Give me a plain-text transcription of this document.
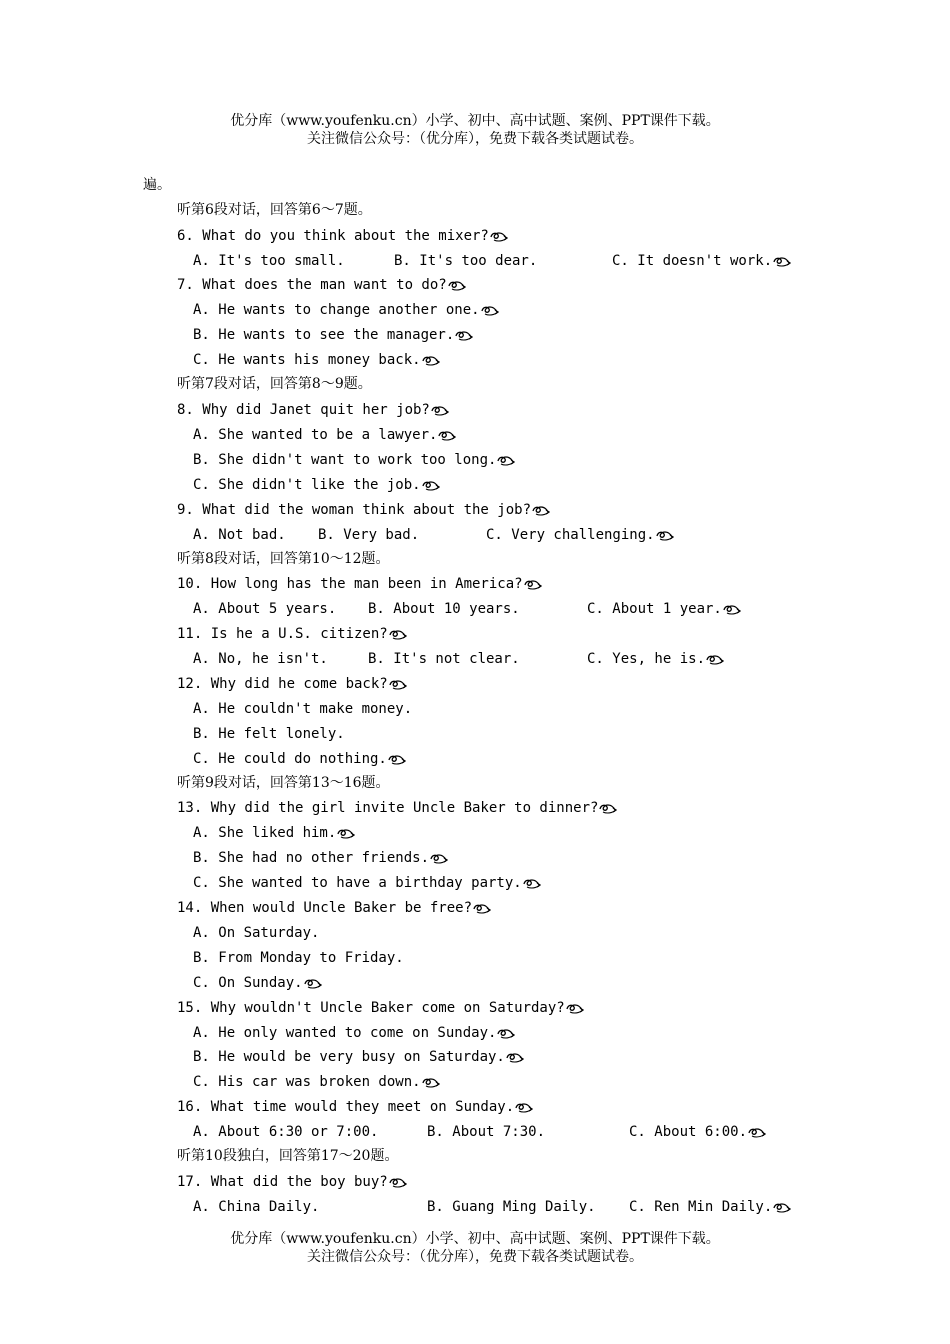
优分库（www.youfenku.cn）小学、初中、高中试题、案例、PPT课件下载。
关注微信公众号：（优分库），免费下载各类试题试卷。
遍。
听第6段对话，回答第6～7题。
6. What do you think about the mixer?
A. It's too small.	B. It's too dear.	C. It doesn't work.
7. What does the man want to do?
A. He wants to change another one.
B. He wants to see the manager.
C. He wants his money back.
听第7段对话，回答第8～9题。
8. Why did Janet quit her job?
A. She wanted to be a lawyer.
B. She didn't want to work too long.
C. She didn't like the job.
9. What did the woman think about the job?
A. Not bad. B. Very bad.	C. Very challenging.
听第8段对话，回答第10～12题。
10. How long has the man been in America?
A. About 5 years. B. About 10 years.	C. About 1 year.
11. Is he a U.S. citizen?
A. No, he isn't.	B. It's not clear.	C. Yes, he is.
12. Why did he come back?
A. He couldn't make money.
B. He felt lonely.
C. He could do nothing.
听第9段对话，回答第13～16题。
13. Why did the girl invite Uncle Baker to dinner?
A. She liked him.
B. She had no other friends.
C. She wanted to have a birthday party.
14. When would Uncle Baker be free?
A. On Saturday.
B. From Monday to Friday.
C. On Sunday.
15. Why wouldn't Uncle Baker come on Saturday?
A. He only wanted to come on Sunday.
B. He would be very busy on Saturday.
C. His car was broken down.
16. What time would they meet on Sunday.
A. About 6:30 or 7:00.	B. About 7:30.	C. About 6:00.
听第10段独白，回答第17～20题。
17. What did the boy buy?
A. China Daily.	B. Guang Ming Daily. C. Ren Min Daily.
优分库（www.youfenku.cn）小学、初中、高中试题、案例、PPT课件下载。
关注微信公众号：（优分库），免费下载各类试题试卷。
